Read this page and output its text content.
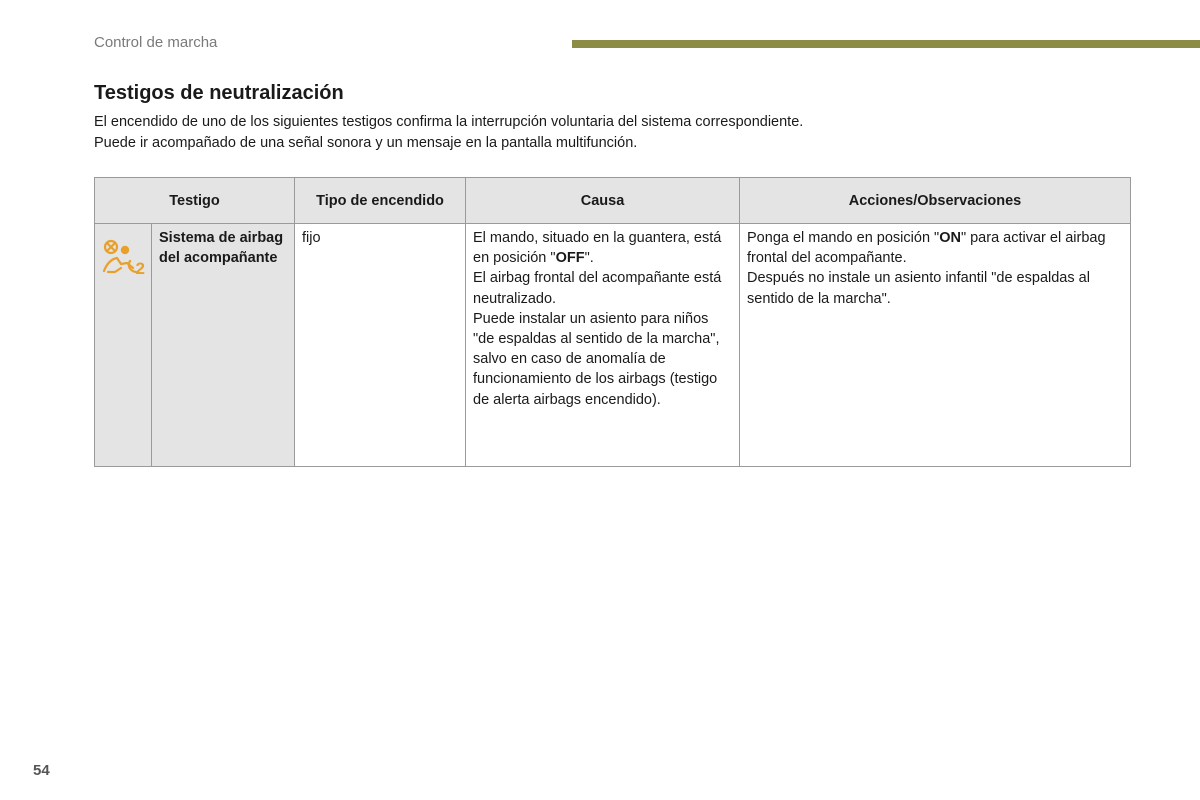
Control de marcha
Testigos de neutralización

El encendido de uno de los siguientes testigos confirma la interrupción voluntaria del sistema correspondiente.

Puede ir acompañado de una señal sonora y un mensaje en la pantalla multifunción.

Testigo		Tipo de encendido	Causa	Acciones/Observaciones

2	Sistema de airbag del acompañante	fijo	El mando, situado en la guantera, está en posición "OFF".
El airbag frontal del acompañante está neutralizado.
Puede instalar un asiento para niños "de espaldas al sentido de la marcha", salvo en caso de anomalía de funcionamiento de los airbags (testigo de alerta airbags encendido).	Ponga el mando en posición "ON" para activar el airbag frontal del acompañante.
Después no instale un asiento infantil "de espaldas al sentido de la marcha".
54
